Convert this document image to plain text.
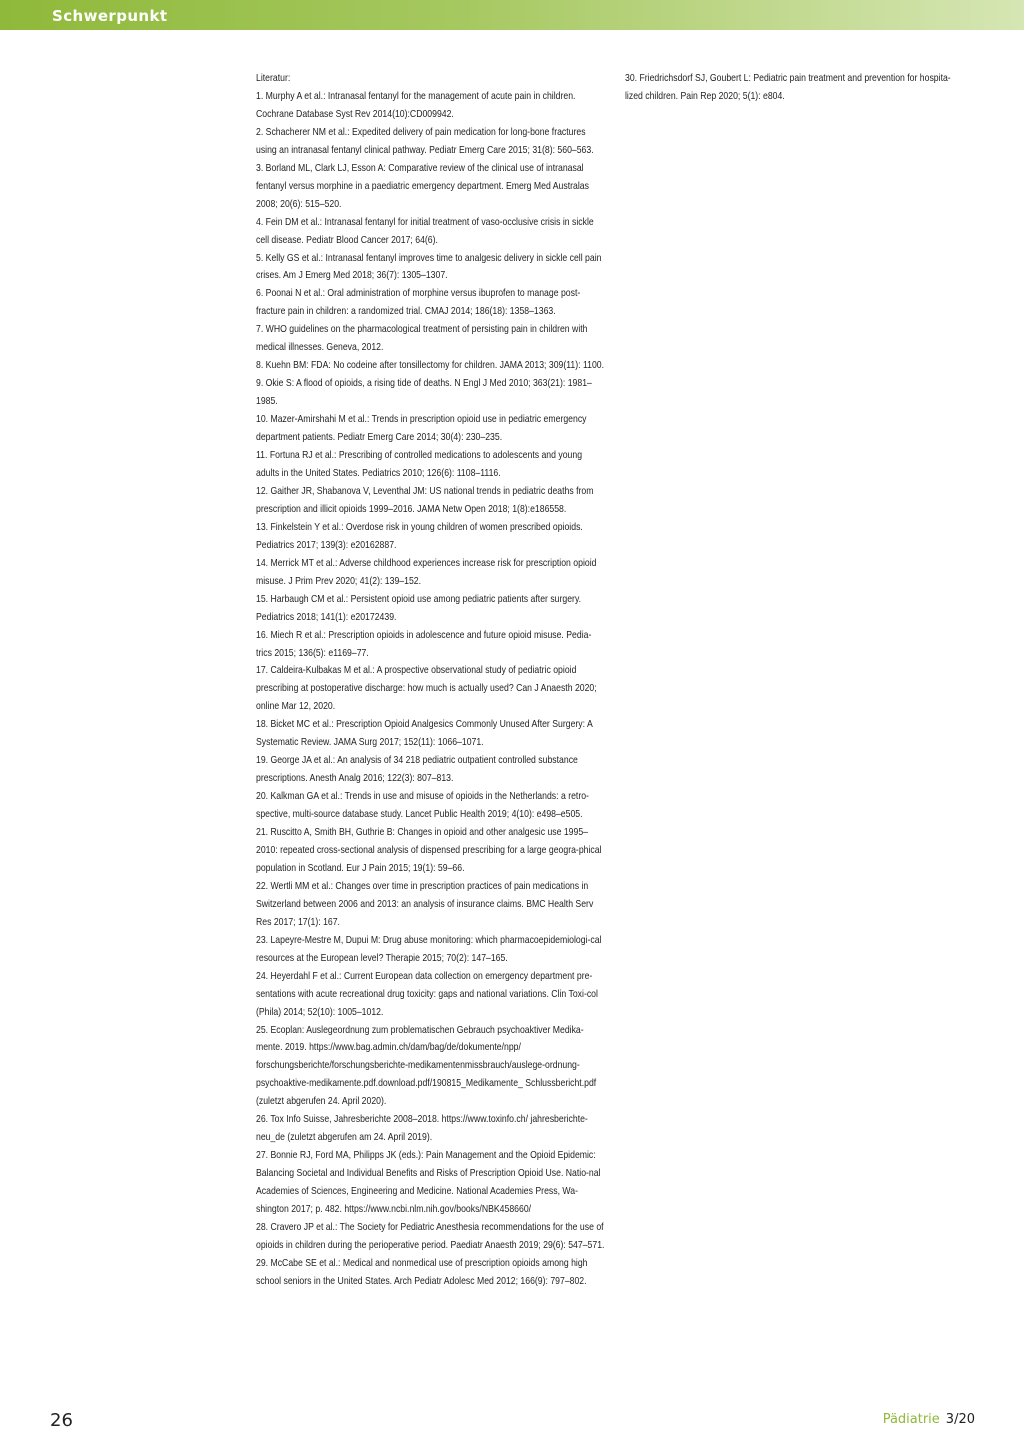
Schwerpunkt

Literatur:

1. Murphy A et al.: Intranasal fentanyl for the management of acute pain in children. Cochrane Database Syst Rev 2014(10):CD009942.

2. Schacherer NM et al.: Expedited delivery of pain medication for long-bone fractures using an intranasal fentanyl clinical pathway. Pediatr Emerg Care 2015; 31(8): 560–563.

3. Borland ML, Clark LJ, Esson A: Comparative review of the clinical use of intranasal fentanyl versus morphine in a paediatric emergency department. Emerg Med Australas 2008; 20(6): 515–520.

4. Fein DM et al.: Intranasal fentanyl for initial treatment of vaso-occlusive crisis in sickle cell disease. Pediatr Blood Cancer 2017; 64(6).

5. Kelly GS et al.: Intranasal fentanyl improves time to analgesic delivery in sickle cell pain crises. Am J Emerg Med 2018; 36(7): 1305–1307.

6. Poonai N et al.: Oral administration of morphine versus ibuprofen to manage post-fracture pain in children: a randomized trial. CMAJ 2014; 186(18): 1358–1363.

7. WHO guidelines on the pharmacological treatment of persisting pain in children with medical illnesses. Geneva, 2012.

8. Kuehn BM: FDA: No codeine after tonsillectomy for children. JAMA 2013; 309(11): 1100.

9. Okie S: A flood of opioids, a rising tide of deaths. N Engl J Med 2010; 363(21): 1981–1985.

10. Mazer-Amirshahi M et al.: Trends in prescription opioid use in pediatric emergency department patients. Pediatr Emerg Care 2014; 30(4): 230–235.

11. Fortuna RJ et al.: Prescribing of controlled medications to adolescents and young adults in the United States. Pediatrics 2010; 126(6): 1108–1116.

12. Gaither JR, Shabanova V, Leventhal JM: US national trends in pediatric deaths from prescription and illicit opioids 1999–2016. JAMA Netw Open 2018; 1(8):e186558.

13. Finkelstein Y et al.: Overdose risk in young children of women prescribed opioids. Pediatrics 2017; 139(3): e20162887.

14. Merrick MT et al.: Adverse childhood experiences increase risk for prescription opioid misuse. J Prim Prev 2020; 41(2): 139–152.

15. Harbaugh CM et al.: Persistent opioid use among pediatric patients after surgery. Pediatrics 2018; 141(1): e20172439.

16. Miech R et al.: Prescription opioids in adolescence and future opioid misuse. Pedia-trics 2015; 136(5): e1169–77.

17. Caldeira-Kulbakas M et al.: A prospective observational study of pediatric opioid prescribing at postoperative discharge: how much is actually used? Can J Anaesth 2020; online Mar 12, 2020.

18. Bicket MC et al.: Prescription Opioid Analgesics Commonly Unused After Surgery: A Systematic Review. JAMA Surg 2017; 152(11): 1066–1071.

19. George JA et al.: An analysis of 34 218 pediatric outpatient controlled substance prescriptions. Anesth Analg 2016; 122(3): 807–813.

20. Kalkman GA et al.: Trends in use and misuse of opioids in the Netherlands: a retro-spective, multi-source database study. Lancet Public Health 2019; 4(10): e498–e505.

21. Ruscitto A, Smith BH, Guthrie B: Changes in opioid and other analgesic use 1995–2010: repeated cross-sectional analysis of dispensed prescribing for a large geogra-phical population in Scotland. Eur J Pain 2015; 19(1): 59–66.

22. Wertli MM et al.: Changes over time in prescription practices of pain medications in Switzerland between 2006 and 2013: an analysis of insurance claims. BMC Health Serv Res 2017; 17(1): 167.

23. Lapeyre-Mestre M, Dupui M: Drug abuse monitoring: which pharmacoepidemiologi-cal resources at the European level? Therapie 2015; 70(2): 147–165.

24. Heyerdahl F et al.: Current European data collection on emergency department pre-sentations with acute recreational drug toxicity: gaps and national variations. Clin Toxi-col (Phila) 2014; 52(10): 1005–1012.

25. Ecoplan: Auslegeordnung zum problematischen Gebrauch psychoaktiver Medika-mente. 2019. https://www.bag.admin.ch/dam/bag/de/dokumente/npp/ forschungsberichte/forschungsberichte-medikamentenmissbrauch/auslege-ordnung-psychoaktive-medikamente.pdf.download.pdf/190815_Medikamente_ Schlussbericht.pdf (zuletzt abgerufen 24. April 2020).

26. Tox Info Suisse, Jahresberichte 2008–2018. https://www.toxinfo.ch/ jahresberichte-neu_de (zuletzt abgerufen am 24. April 2019).

27. Bonnie RJ, Ford MA, Philipps JK (eds.): Pain Management and the Opioid Epidemic: Balancing Societal and Individual Benefits and Risks of Prescription Opioid Use. Natio-nal Academies of Sciences, Engineering and Medicine. National Academies Press, Wa-shington 2017; p. 482. https://www.ncbi.nlm.nih.gov/books/NBK458660/

28. Cravero JP et al.: The Society for Pediatric Anesthesia recommendations for the use of opioids in children during the perioperative period. Paediatr Anaesth 2019; 29(6): 547–571.

29. McCabe SE et al.: Medical and nonmedical use of prescription opioids among high school seniors in the United States. Arch Pediatr Adolesc Med 2012; 166(9): 797–802.

30. Friedrichsdorf SJ, Goubert L: Pediatric pain treatment and prevention for hospita-lized children. Pain Rep 2020; 5(1): e804.

26	Pädiatrie 3/20
